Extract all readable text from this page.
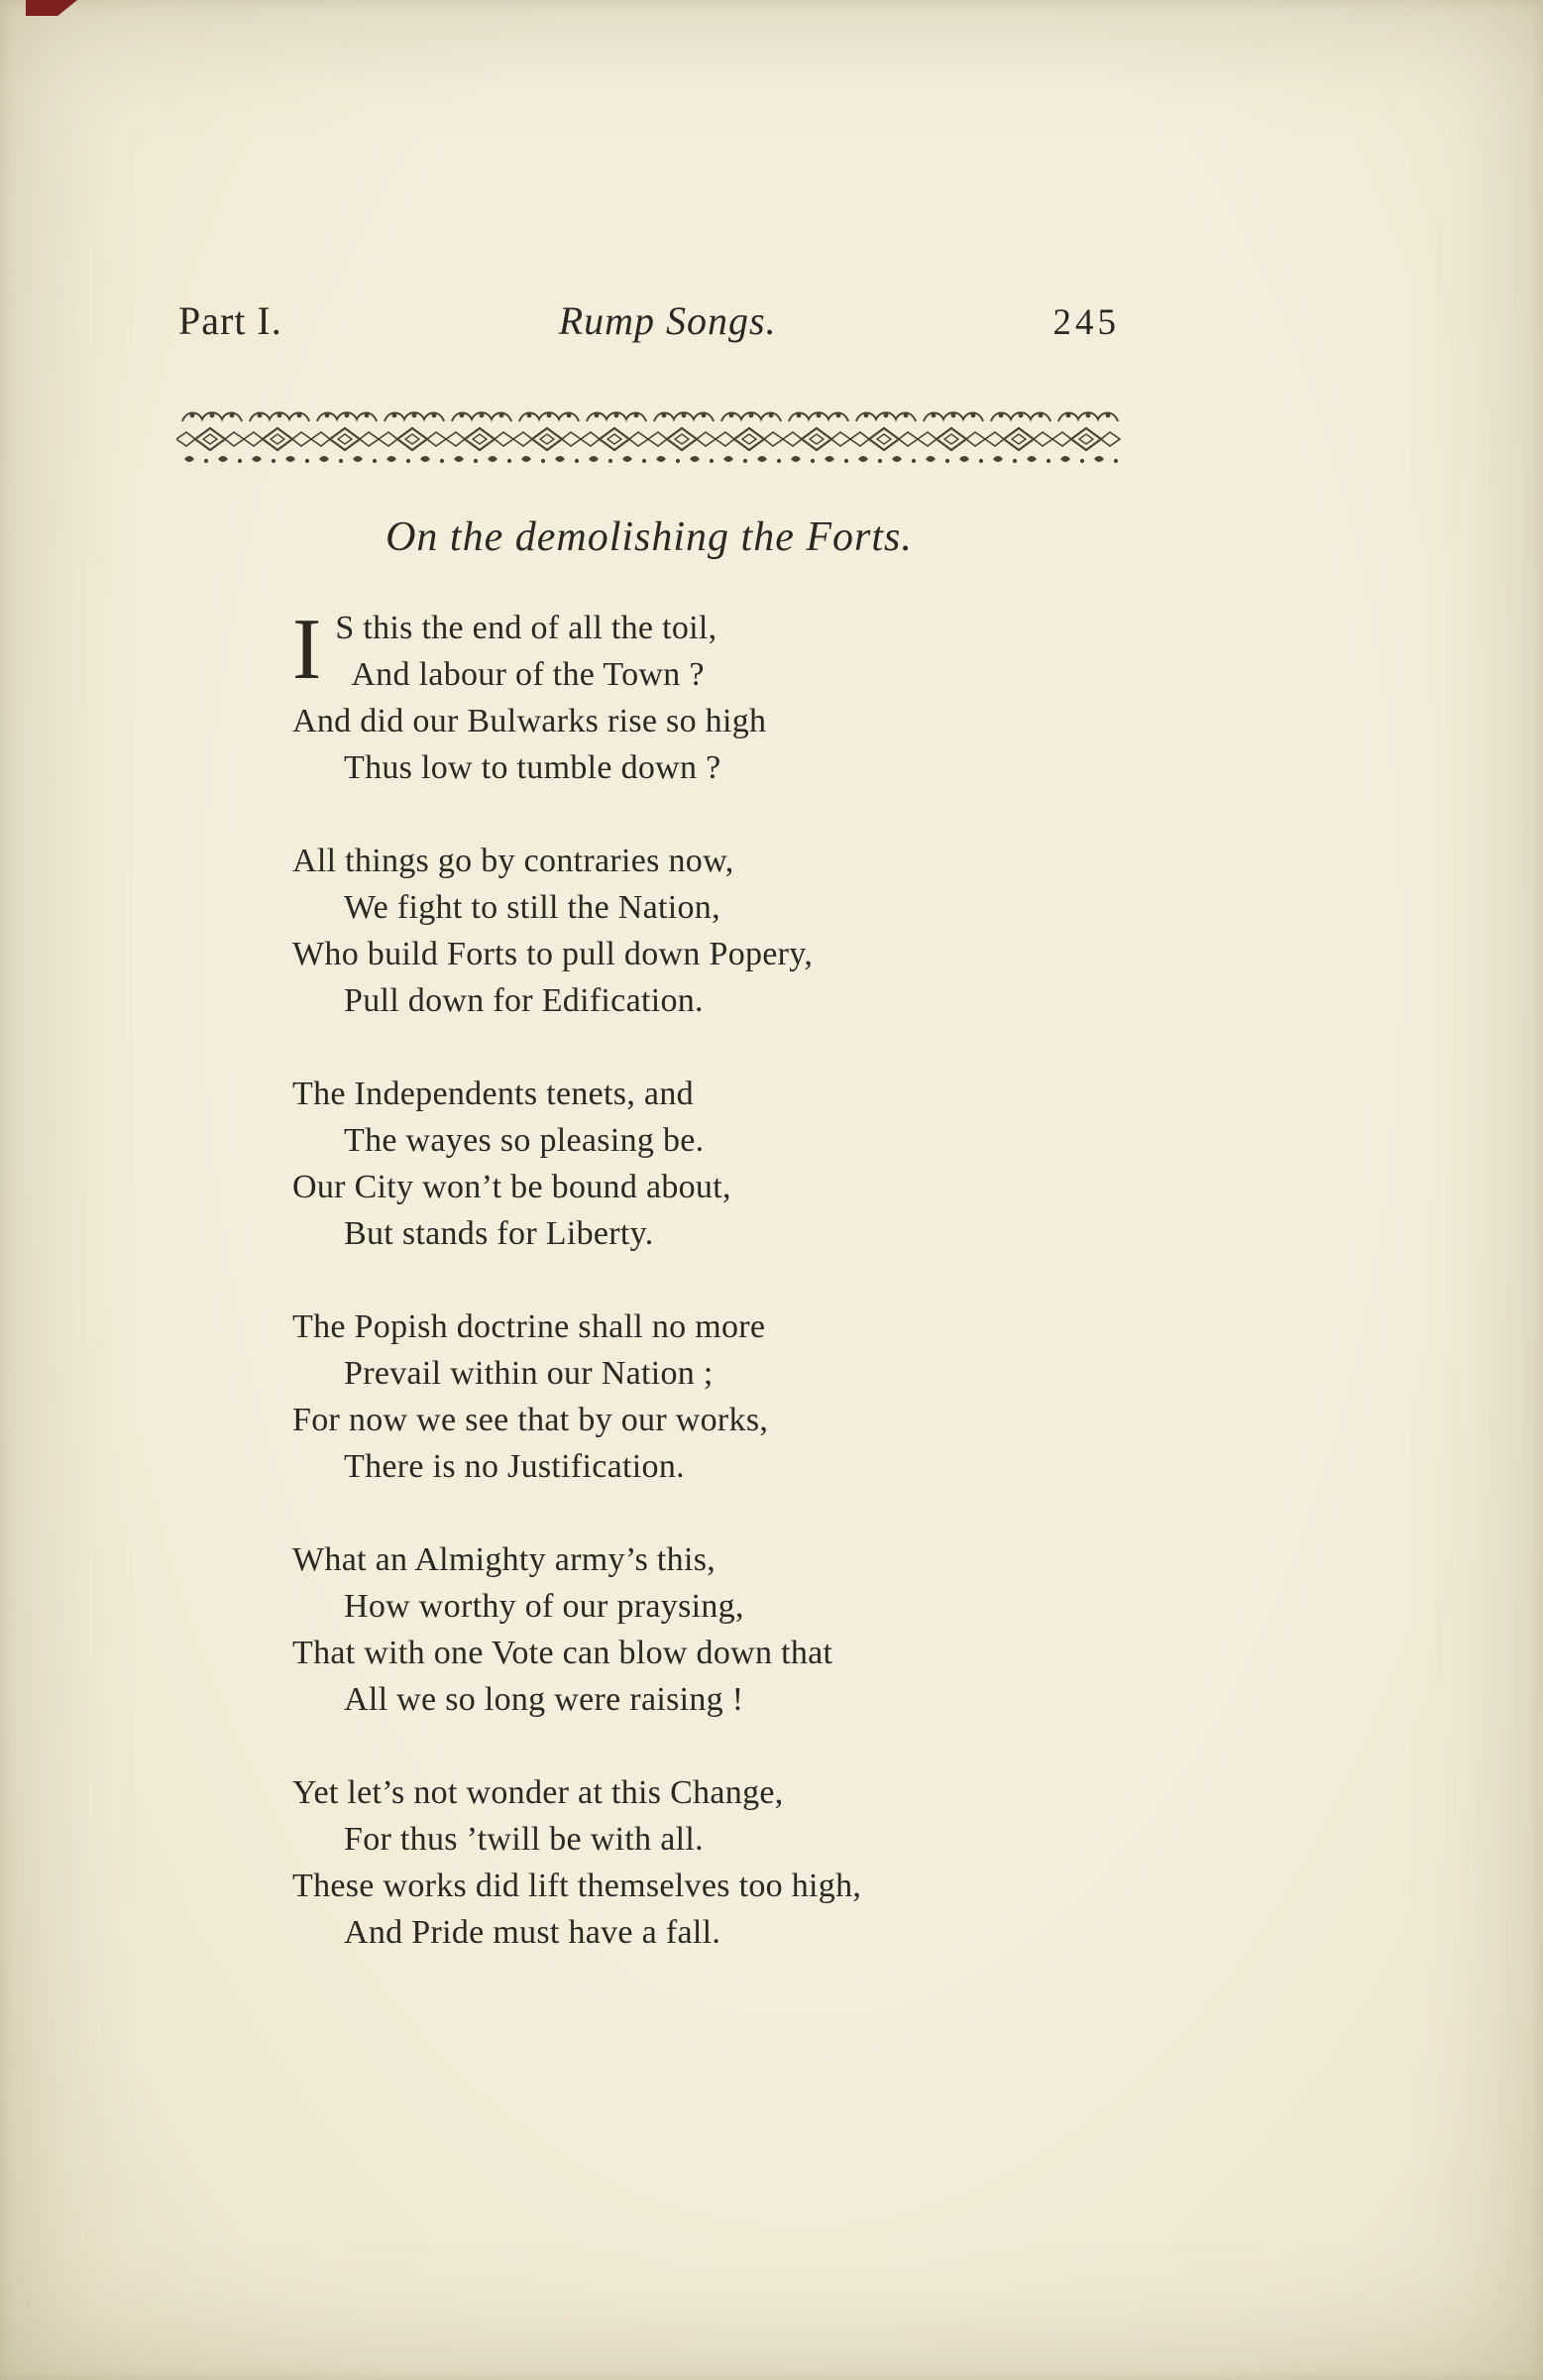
Part I.	Rump Songs.	245
On the demolishing the Forts.
I S this the end of all the toil,
And labour of the Town ?
And did our Bulwarks rise so high
Thus low to tumble down ?
All things go by contraries now,
We fight to still the Nation,
Who build Forts to pull down Popery,
Pull down for Edification.
The Independents tenets, and
The wayes so pleasing be.
Our City won’t be bound about,
But stands for Liberty.
The Popish doctrine shall no more
Prevail within our Nation ;
For now we see that by our works,
There is no Justification.
What an Almighty army’s this,
How worthy of our praysing,
That with one Vote can blow down that
All we so long were raising !
Yet let’s not wonder at this Change,
For thus ’twill be with all.
These works did lift themselves too high,
And Pride must have a fall.
